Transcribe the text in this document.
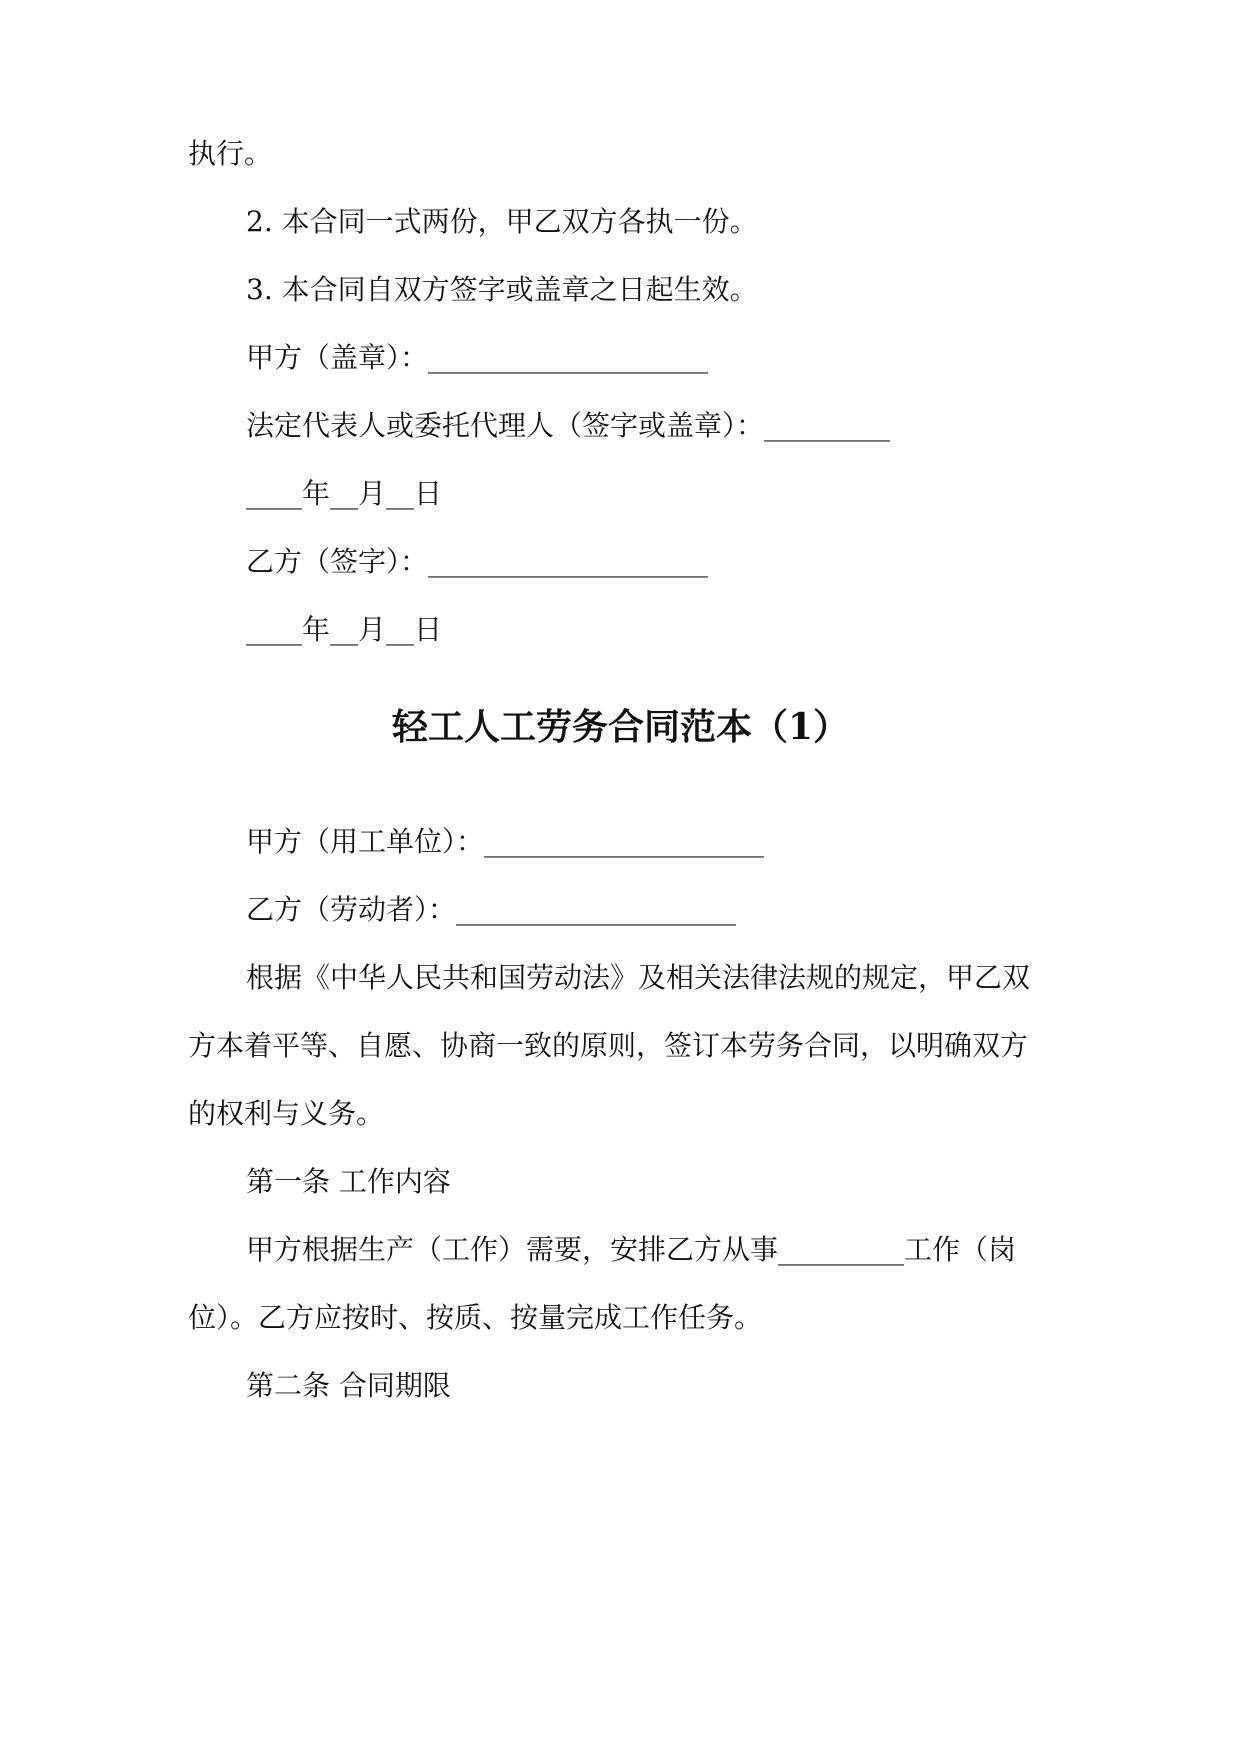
执行。
2. 本合同一式两份，甲乙双方各执一份。
3. 本合同自双方签字或盖章之日起生效。
甲方（盖章）：____________________
法定代表人或委托代理人（签字或盖章）：_________
____年__月__日
乙方（签字）：____________________
____年__月__日
轻工人工劳务合同范本（1）
甲方（用工单位）：____________________
乙方（劳动者）：____________________
根据《中华人民共和国劳动法》及相关法律法规的规定，甲乙双
方本着平等、自愿、协商一致的原则，签订本劳务合同，以明确双方
的权利与义务。
第一条 工作内容
甲方根据生产（工作）需要，安排乙方从事_________工作（岗
位）。乙方应按时、按质、按量完成工作任务。
第二条 合同期限
